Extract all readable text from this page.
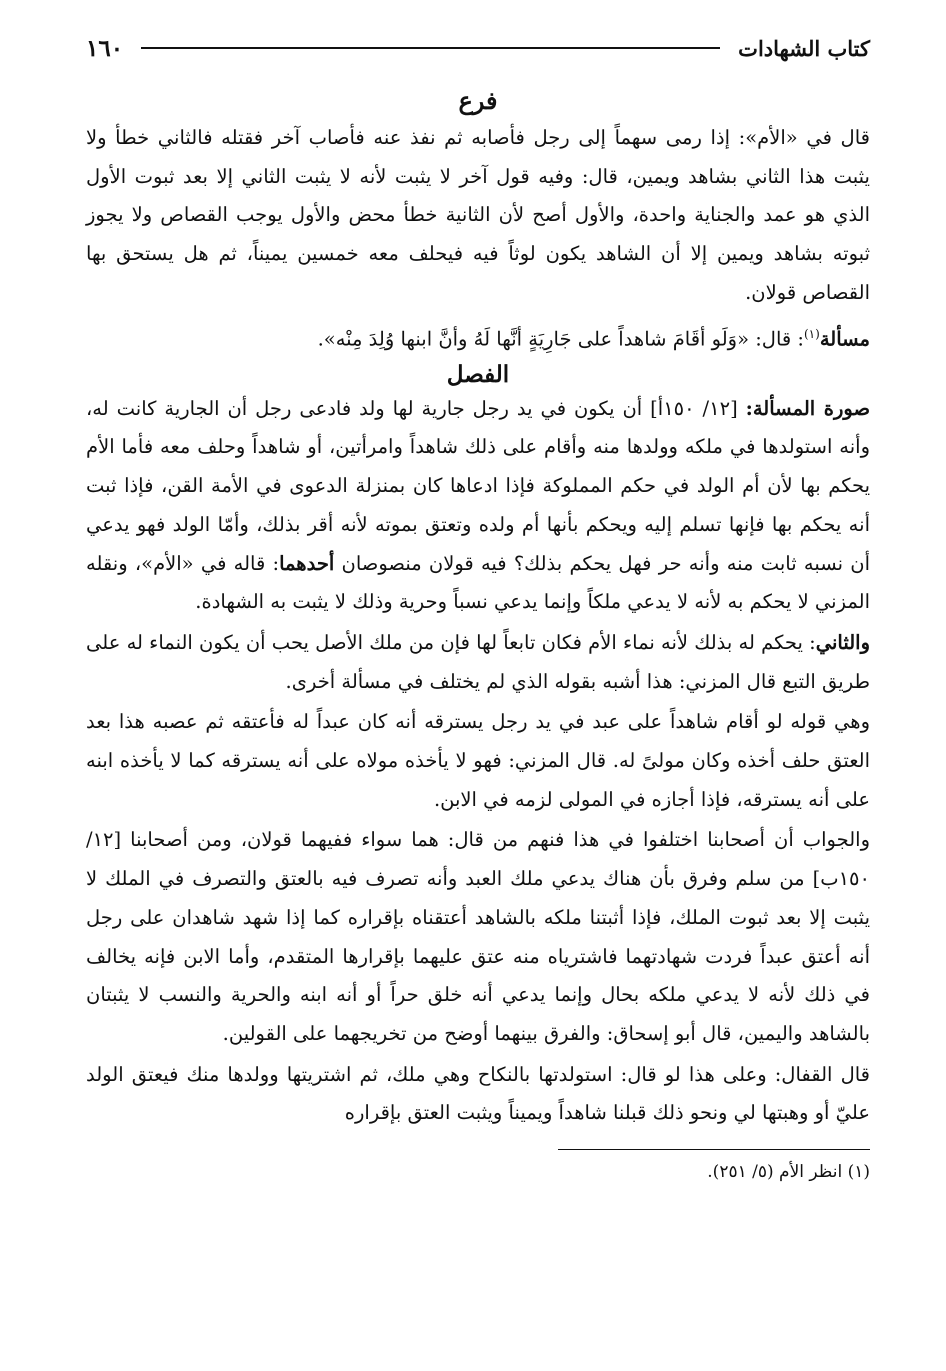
كتاب الشهادات
١٦٠
فرع

قال في «الأم»: إذا رمى سهماً إلى رجل فأصابه ثم نفذ عنه فأصاب آخر فقتله فالثاني خطأ ولا يثبت هذا الثاني بشاهد ويمين، قال: وفيه قول آخر لا يثبت لأنه لا يثبت الثاني إلا بعد ثبوت الأول الذي هو عمد والجناية واحدة، والأول أصح لأن الثانية خطأ محض والأول يوجب القصاص ولا يجوز ثبوته بشاهد ويمين إلا أن الشاهد يكون لوثاً فيه فيحلف معه خمسين يميناً، ثم هل يستحق بها القصاص قولان.

مسألة$^{(١)}$: قال: «وَلَو أقَامَ شاهداً على جَارِيَةٍ أنَّها لَهُ وأنَّ ابنها وُلِدَ مِنْه».

الفصل

صورة المسألة: [١٢/ ١٥٠أ] أن يكون في يد رجل جارية لها ولد فادعى رجل أن الجارية كانت له، وأنه استولدها في ملكه وولدها منه وأقام على ذلك شاهداً وامرأتين، أو شاهداً وحلف معه فأما الأم يحكم بها لأن أم الولد في حكم المملوكة فإذا ادعاها كان بمنزلة الدعوى في الأمة القن، فإذا ثبت أنه يحكم بها فإنها تسلم إليه ويحكم بأنها أم ولده وتعتق بموته لأنه أقر بذلك، وأمّا الولد فهو يدعي أن نسبه ثابت منه وأنه حر فهل يحكم بذلك؟ فيه قولان منصوصان أحدهما: قاله في «الأم»، ونقله المزني لا يحكم به لأنه لا يدعي ملكاً وإنما يدعي نسباً وحرية وذلك لا يثبت به الشهادة.

والثاني: يحكم له بذلك لأنه نماء الأم فكان تابعاً لها فإن من ملك الأصل يحب أن يكون النماء له على طريق التبع قال المزني: هذا أشبه بقوله الذي لم يختلف في مسألة أخرى.

وهي قوله لو أقام شاهداً على عبد في يد رجل يسترقه أنه كان عبداً له فأعتقه ثم عصبه هذا بعد العتق حلف أخذه وكان مولىً له. قال المزني: فهو لا يأخذه مولاه على أنه يسترقه كما لا يأخذه ابنه على أنه يسترقه، فإذا أجازه في المولى لزمه في الابن.

والجواب أن أصحابنا اختلفوا في هذا فنهم من قال: هما سواء ففيهما قولان، ومن أصحابنا [١٢/ ١٥٠ب] من سلم وفرق بأن هناك يدعي ملك العبد وأنه تصرف فيه بالعتق والتصرف في الملك لا يثبت إلا بعد ثبوت الملك، فإذا أثبتنا ملكه بالشاهد أعتقناه بإقراره كما إذا شهد شاهدان على رجل أنه أعتق عبداً فردت شهادتهما فاشترياه منه عتق عليهما بإقرارها المتقدم، وأما الابن فإنه يخالف في ذلك لأنه لا يدعي ملكه بحال وإنما يدعي أنه خلق حراً أو أنه ابنه والحرية والنسب لا يثبتان بالشاهد واليمين، قال أبو إسحاق: والفرق بينهما أوضح من تخريجهما على القولين.

قال القفال: وعلى هذا لو قال: استولدتها بالنكاح وهي ملك، ثم اشتريتها وولدها منك فيعتق الولد عليّ أو وهبتها لي ونحو ذلك قبلنا شاهداً ويميناً ويثبت العتق بإقراره

(١) انظر الأم (٥/ ٢٥١).
